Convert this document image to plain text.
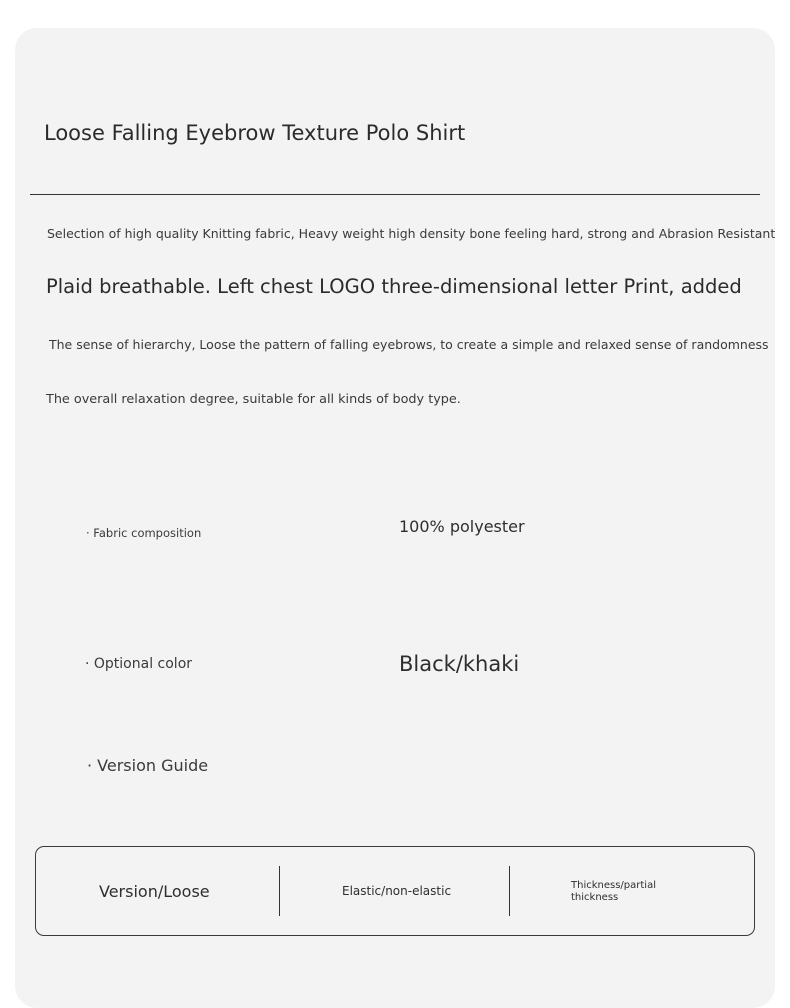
Loose Falling Eyebrow Texture Polo Shirt
Selection of high quality Knitting fabric, Heavy weight high density bone feeling hard, strong and Abrasion Resistant
Plaid breathable. Left chest LOGO three-dimensional letter Print, added
The sense of hierarchy, Loose the pattern of falling eyebrows, to create a simple and relaxed sense of randomness
The overall relaxation degree, suitable for all kinds of body type.
· Fabric composition	100% polyester
· Optional color	Black/khaki
· Version Guide
Version/Loose	Elastic/non-elastic	Thickness/partial thickness
